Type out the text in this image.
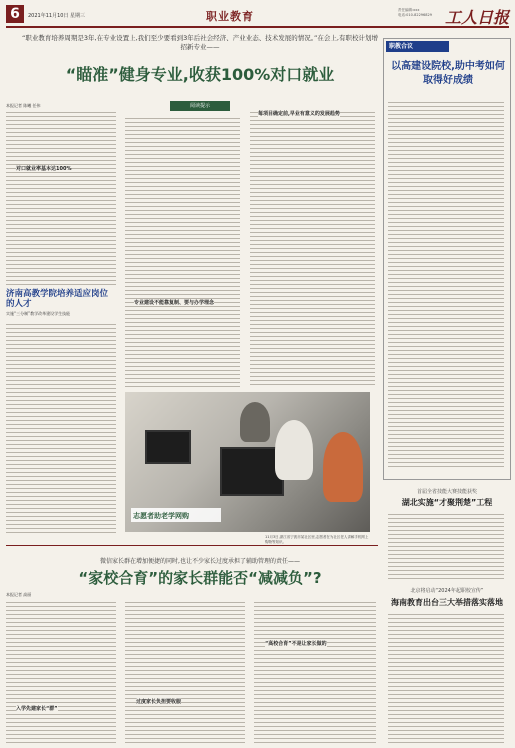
6	2021年11月10日 星期三	职业教育	责任编辑:xxx
电话:010-82296829 工人日报
“职业教育培养周期是3年,在专业设置上,我们至少要看到3年后社会经济、产业业态、技术发展的情况。”在会上,有职校计划增招新专业——
“瞄准”健身专业,收获100%对口就业
阅读提示
本报记者 陈曦 任伟
对口就业率基本达100%
专业建设不能靠复制、要与办学理念
每项目确定前,早业有意义的发展趋势
济南高教学院培养适应岗位的人才
实施“三分制”教学改革建设学生技能
志愿者助老学网购
11月3日,浙江省宁波市某社区里,志愿者在为社区老人讲解手机网上购物等知识。
职教合议
以高建设院校,助中考如何取得好成绩
首届全省技能大赛技能获奖
湖北实施“才聚荆楚”工程
北京将启动“2024年起职校宣传”
海南教育出台三大举措落实落地
微信家长群在增加便捷的同时,也让不少家长过度承担了辅助管理的责任——
“家校合育”的家长群能否“减减负”?
本报记者 高丽
入学先建家长“群”
过度家长负担要收服
“高校合育”不是让家长做的
